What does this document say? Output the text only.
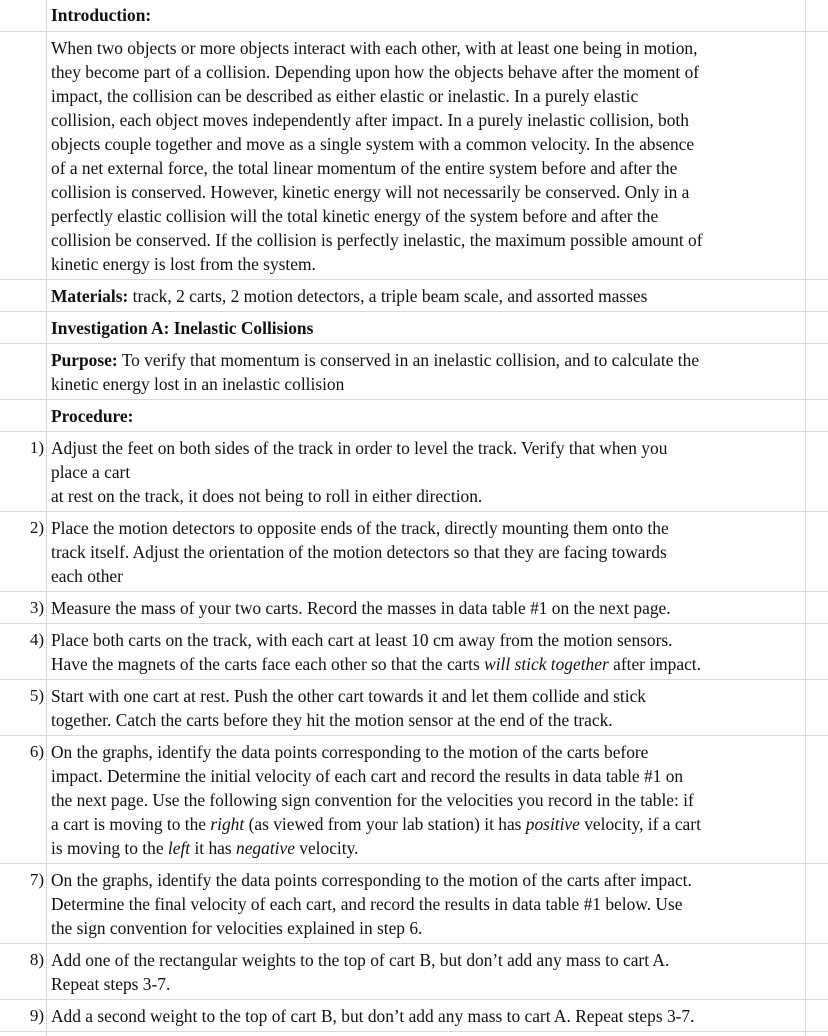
Introduction:
When two objects or more objects interact with each other, with at least one being in motion,
they become part of a collision. Depending upon how the objects behave after the moment of
impact, the collision can be described as either elastic or inelastic. In a purely elastic
collision, each object moves independently after impact. In a purely inelastic collision, both
objects couple together and move as a single system with a common velocity. In the absence
of a net external force, the total linear momentum of the entire system before and after the
collision is conserved. However, kinetic energy will not necessarily be conserved. Only in a
perfectly elastic collision will the total kinetic energy of the system before and after the
collision be conserved. If the collision is perfectly inelastic, the maximum possible amount of
kinetic energy is lost from the system.
Materials: track, 2 carts, 2 motion detectors, a triple beam scale, and assorted masses
Investigation A: Inelastic Collisions
Purpose: To verify that momentum is conserved in an inelastic collision, and to calculate the
kinetic energy lost in an inelastic collision
Procedure:
1) Adjust the feet on both sides of the track in order to level the track. Verify that when you
place a cart
at rest on the track, it does not being to roll in either direction.
2) Place the motion detectors to opposite ends of the track, directly mounting them onto the
track itself. Adjust the orientation of the motion detectors so that they are facing towards
each other
3) Measure the mass of your two carts. Record the masses in data table #1 on the next page.
4) Place both carts on the track, with each cart at least 10 cm away from the motion sensors.
Have the magnets of the carts face each other so that the carts will stick together after impact.
5) Start with one cart at rest. Push the other cart towards it and let them collide and stick
together. Catch the carts before they hit the motion sensor at the end of the track.
6) On the graphs, identify the data points corresponding to the motion of the carts before
impact. Determine the initial velocity of each cart and record the results in data table #1 on
the next page. Use the following sign convention for the velocities you record in the table: if
a cart is moving to the right (as viewed from your lab station) it has positive velocity, if a cart
is moving to the left it has negative velocity.
7) On the graphs, identify the data points corresponding to the motion of the carts after impact.
Determine the final velocity of each cart, and record the results in data table #1 below. Use
the sign convention for velocities explained in step 6.
8) Add one of the rectangular weights to the top of cart B, but don’t add any mass to cart A.
Repeat steps 3-7.
9) Add a second weight to the top of cart B, but don’t add any mass to cart A. Repeat steps 3-7.
